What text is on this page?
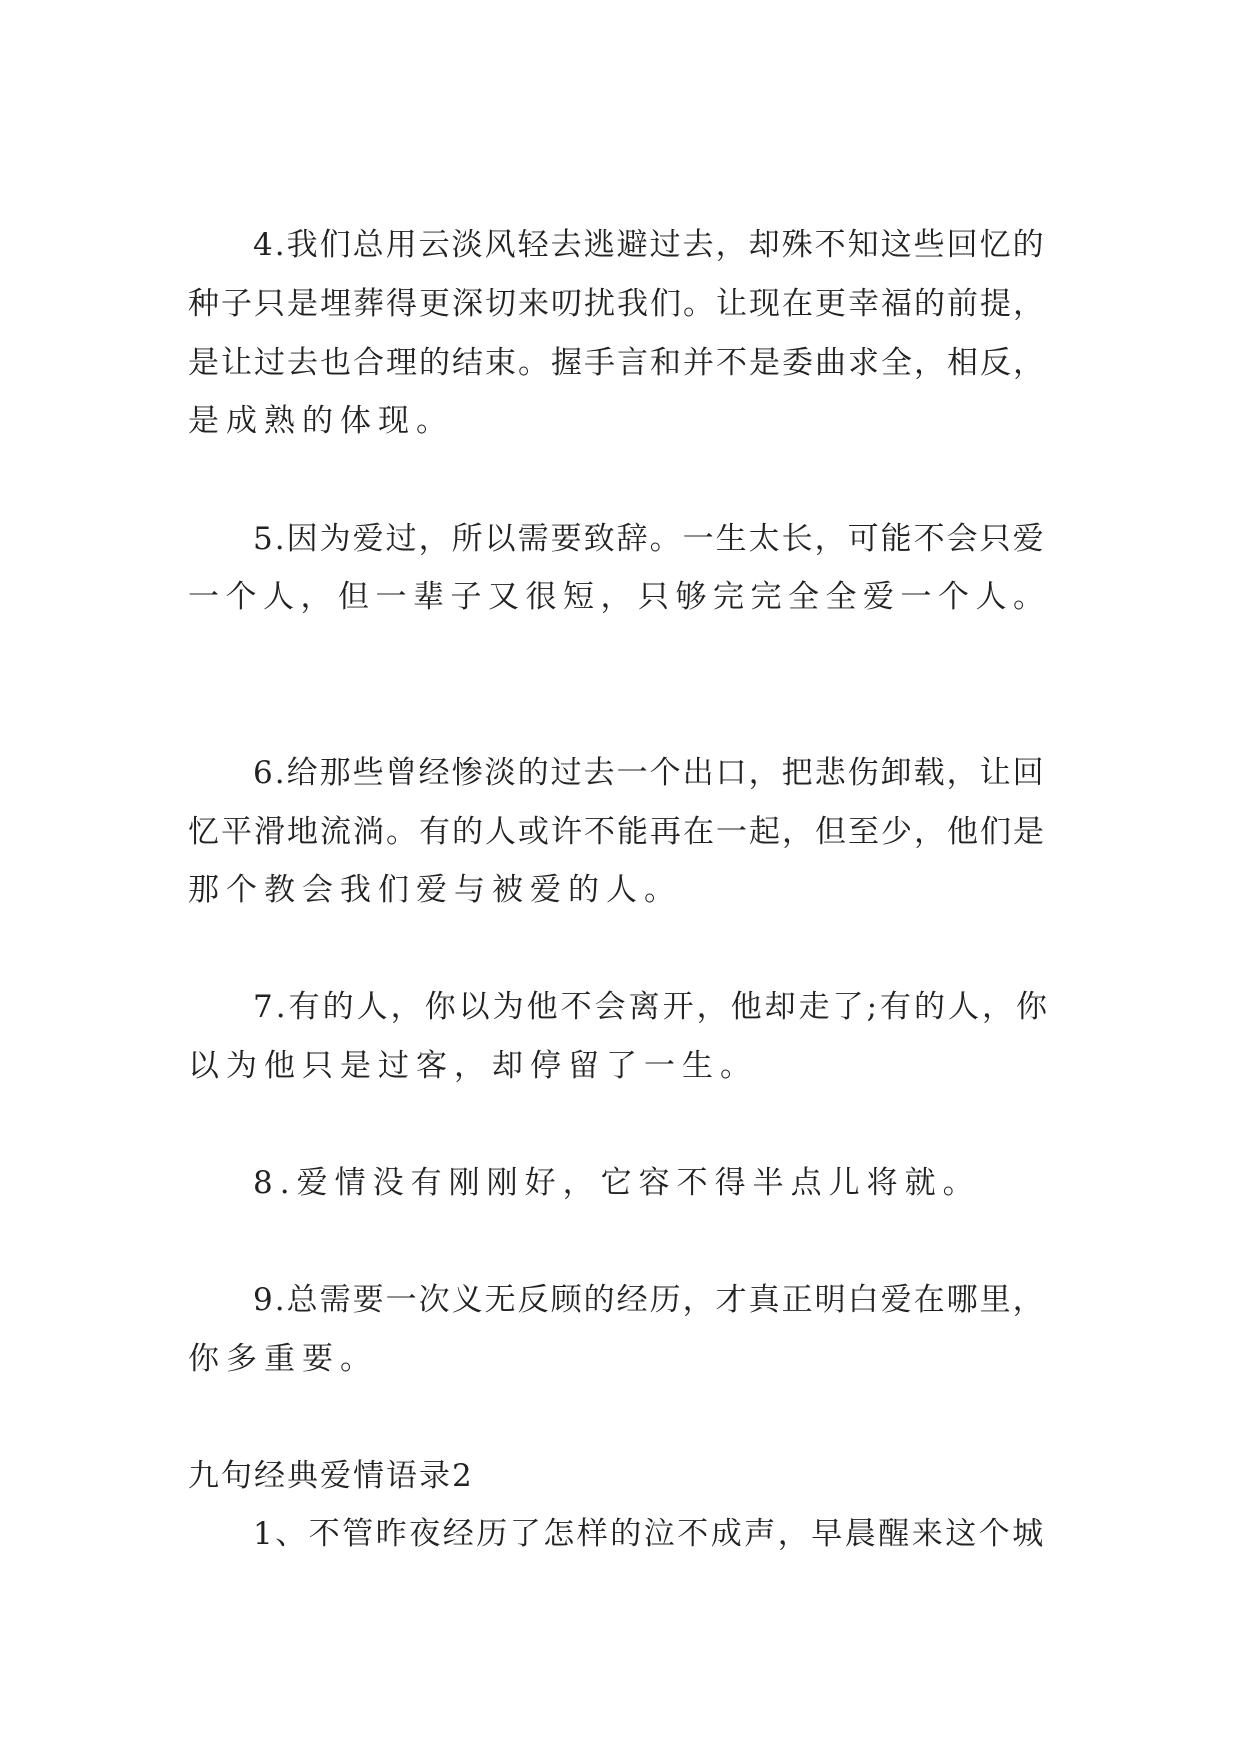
4.我们总用云淡风轻去逃避过去，却殊不知这些回忆的
种子只是埋葬得更深切来叨扰我们。让现在更幸福的前提，
是让过去也合理的结束。握手言和并不是委曲求全，相反，
是成熟的体现。
5.因为爱过，所以需要致辞。一生太长，可能不会只爱
一个人，但一辈子又很短，只够完完全全爱一个人。
6.给那些曾经惨淡的过去一个出口，把悲伤卸载，让回
忆平滑地流淌。有的人或许不能再在一起，但至少，他们是
那个教会我们爱与被爱的人。
7.有的人，你以为他不会离开，他却走了;有的人，你
以为他只是过客，却停留了一生。
8.爱情没有刚刚好，它容不得半点儿将就。
9.总需要一次义无反顾的经历，才真正明白爱在哪里，
你多重要。
九句经典爱情语录2
1、不管昨夜经历了怎样的泣不成声，早晨醒来这个城
